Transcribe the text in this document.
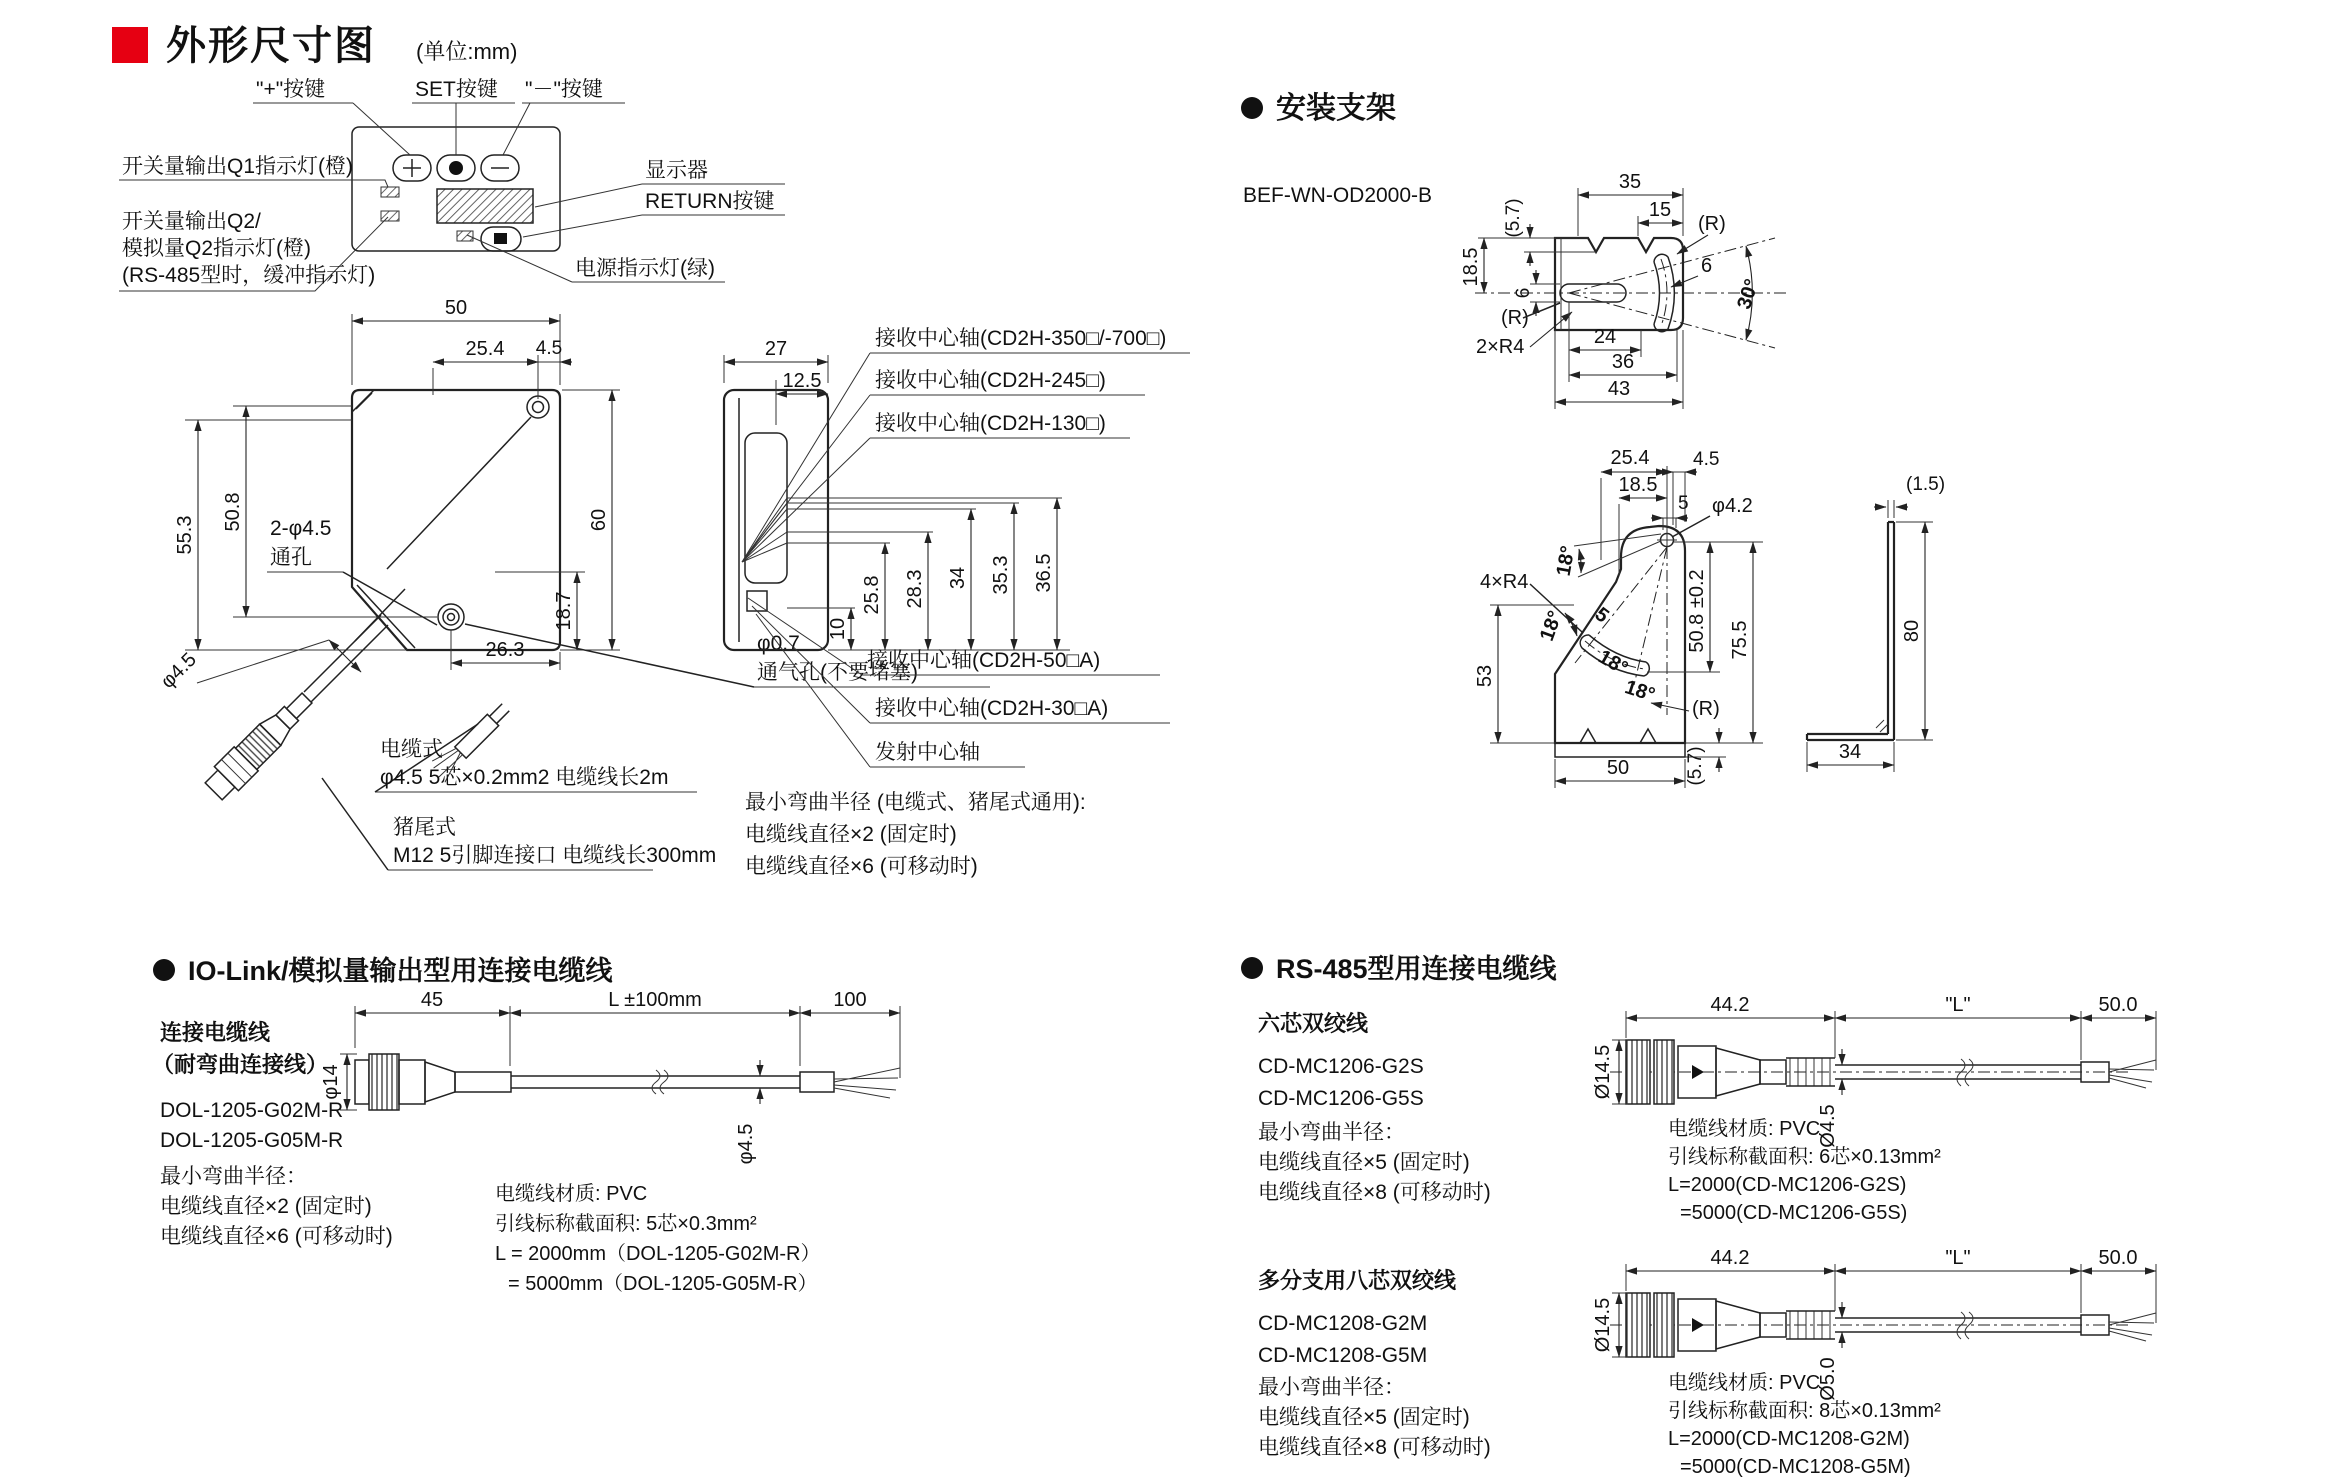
外形尺寸图 (单位:mm)
"+"按键	SET按键 "－"按键
开关量输出Q1指示灯(橙)	显示器
RETURN按键
开关量输出Q2/
模拟量Q2指示灯(橙)
(RS-485型时，缓冲指示灯)	电源指示灯(绿)
50
25.4 4.5
55.3
50.8
18.7
60
26.3
2-φ4.5
通孔
φ0.7
通气孔(不要堵塞)
φ4.5
电缆式
φ4.5 5芯×0.2mm2 电缆线长2m
猪尾式
M12 5引脚连接口 电缆线长300mm
27
12.5
10
25.8 28.3 34 35.3 36.5
接收中心轴(CD2H-350□/-700□)
接收中心轴(CD2H-245□)
接收中心轴(CD2H-130□)
接收中心轴(CD2H-50□A)
接收中心轴(CD2H-30□A)
发射中心轴
最小弯曲半径 (电缆式、猪尾式通用):
电缆线直径×2 (固定时)
电缆线直径×6 (可移动时)
安装支架
BEF-WN-OD2000-B
18.5
(5.7)
6
35
15
(R)
6
30°
(R)
2×R4	24
36
43
18°
18° 5
18°
18°
4×R4
53
25.4 4.5
18.5
5 φ4.2
50.8 ±0.2 75.5
(R)
(5.7)
50
(1.5)
80
34
IO-Link/模拟量输出型用连接电缆线
连接电缆线
（耐弯曲连接线）
DOL-1205-G02M-R
DOL-1205-G05M-R
最小弯曲半径：
电缆线直径×2 (固定时)
电缆线直径×6 (可移动时)
45	L ±100mm	100
φ14
φ4.5
电缆线材质: PVC
引线标称截面积: 5芯×0.3mm²
L = 2000mm（DOL-1205-G02M-R）
= 5000mm（DOL-1205-G05M-R）
RS-485型用连接电缆线
六芯双绞线
CD-MC1206-G2S
CD-MC1206-G5S
最小弯曲半径：
电缆线直径×5 (固定时)
电缆线直径×8 (可移动时)
44.2	"L"	50.0
Ø14.5
Ø4.5
电缆线材质: PVC
引线标称截面积: 6芯×0.13mm²
L=2000(CD-MC1206-G2S)
=5000(CD-MC1206-G5S)
多分支用八芯双绞线
CD-MC1208-G2M
CD-MC1208-G5M
最小弯曲半径：
电缆线直径×5 (固定时)
电缆线直径×8 (可移动时)
44.2	"L"	50.0
Ø14.5
Ø5.0
电缆线材质: PVC
引线标称截面积: 8芯×0.13mm²
L=2000(CD-MC1208-G2M)
=5000(CD-MC1208-G5M)
